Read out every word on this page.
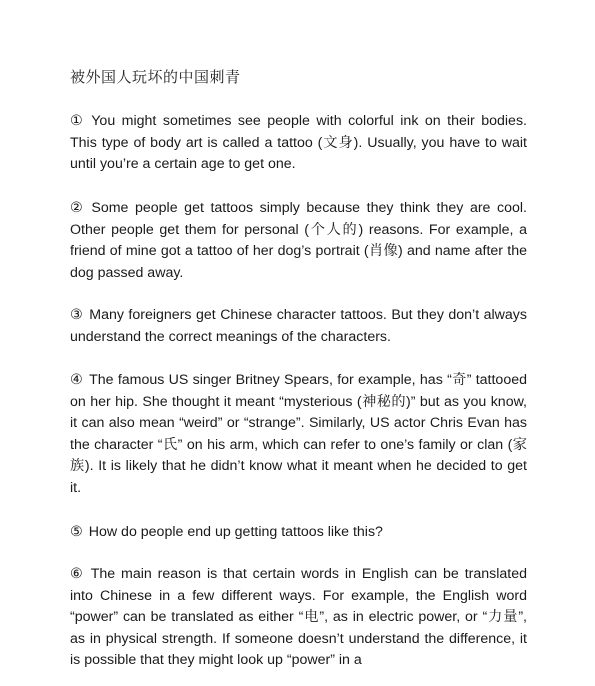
被外国人玩坏的中国刺青
① You might sometimes see people with colorful ink on their bodies. This type of body art is called a tattoo (文身). Usually, you have to wait until you’re a certain age to get one.
② Some people get tattoos simply because they think they are cool. Other people get them for personal (个人的) reasons. For example, a friend of mine got a tattoo of her dog’s portrait (肖像) and name after the dog passed away.
③ Many foreigners get Chinese character tattoos. But they don’t always understand the correct meanings of the characters.
④ The famous US singer Britney Spears, for example, has “奇” tattooed on her hip. She thought it meant “mysterious (神秘的)” but as you know, it can also mean “weird” or “strange”. Similarly, US actor Chris Evan has the character “氏” on his arm, which can refer to one’s family or clan (家族). It is likely that he didn’t know what it meant when he decided to get it.
⑤ How do people end up getting tattoos like this?
⑥ The main reason is that certain words in English can be translated into Chinese in a few different ways. For example, the English word “power” can be translated as either “电”, as in electric power, or “力量”, as in physical strength. If someone doesn’t understand the difference, it is possible that they might look up “power” in a
